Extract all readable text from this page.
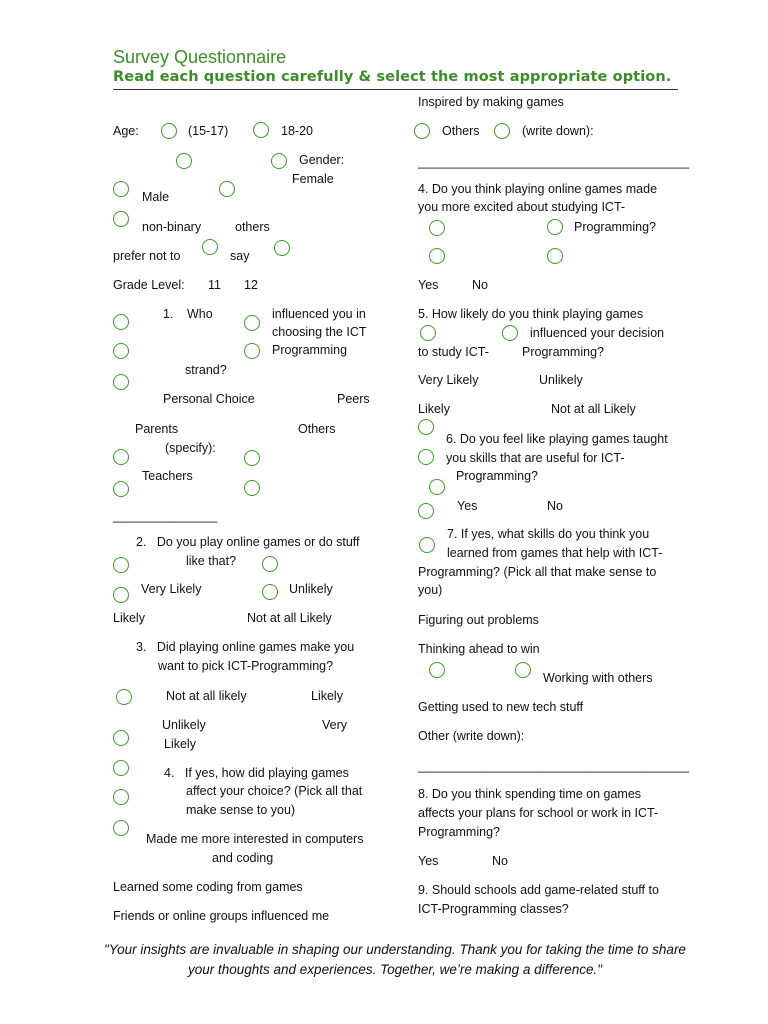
Survey Questionnaire
Read each question carefully & select the most appropriate option.
Age:	(15-17)	18-20
Gender:
Female
Male
non-binary	others
prefer not to	say
Grade Level: 11 12
1. Who	influenced you in choosing the ICT Programming
strand?
Personal Choice	Peers
Parents	Others
(specify):
Teachers
_______________
2.   Do you play online games or do stuff
like that?
Very Likely	Unlikely
Likely	Not at all Likely
3.   Did playing online games make you
want to pick ICT-Programming?
Not at all likely	Likely
Unlikely	Very
Likely
4.   If yes, how did playing games
affect your choice? (Pick all that
make sense to you)
Made me more interested in computers
and coding
Learned some coding from games
Friends or online groups influenced me
Inspired by making games
Others	(write down):
_______________________________________
4. Do you think playing online games made you more excited about studying ICT-
Programming?
Yes	No
5. How likely do you think playing games
influenced your decision
to study ICT-	Programming?
Very Likely	Unlikely
Likely	Not at all Likely
6. Do you feel like playing games taught
you skills that are useful for ICT-
Programming?
Yes	No
7. If yes, what skills do you think you
learned from games that help with ICT-
Programming? (Pick all that make sense to
you)
Figuring out problems
Thinking ahead to win
Working with others
Getting used to new tech stuff
Other (write down):
_______________________________________
8. Do you think spending time on games
affects your plans for school or work in ICT-
Programming?
Yes	No
9. Should schools add game-related stuff to
ICT-Programming classes?
"Your insights are invaluable in shaping our understanding. Thank you for taking the time to share your thoughts and experiences. Together, we’re making a difference."
